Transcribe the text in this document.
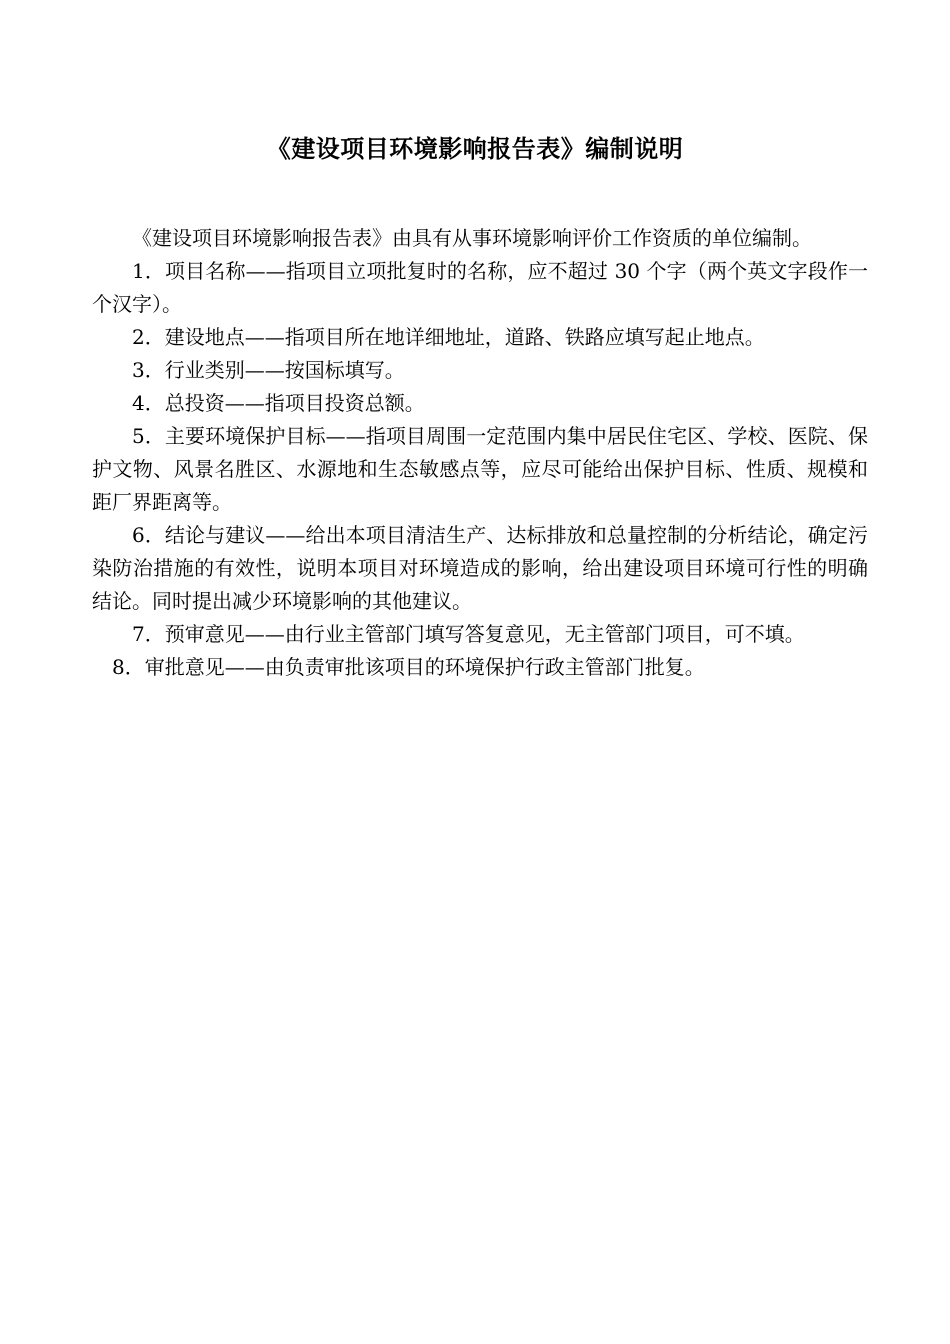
《建设项目环境影响报告表》编制说明

《建设项目环境影响报告表》由具有从事环境影响评价工作资质的单位编制。

1．项目名称——指项目立项批复时的名称，应不超过 30 个字（两个英文字段作一个汉字）。

2．建设地点——指项目所在地详细地址，道路、铁路应填写起止地点。

3．行业类别——按国标填写。

4．总投资——指项目投资总额。

5．主要环境保护目标——指项目周围一定范围内集中居民住宅区、学校、医院、保护文物、风景名胜区、水源地和生态敏感点等，应尽可能给出保护目标、性质、规模和距厂界距离等。

6．结论与建议——给出本项目清洁生产、达标排放和总量控制的分析结论，确定污染防治措施的有效性，说明本项目对环境造成的影响，给出建设项目环境可行性的明确结论。同时提出减少环境影响的其他建议。

7．预审意见——由行业主管部门填写答复意见，无主管部门项目，可不填。

8．审批意见——由负责审批该项目的环境保护行政主管部门批复。
